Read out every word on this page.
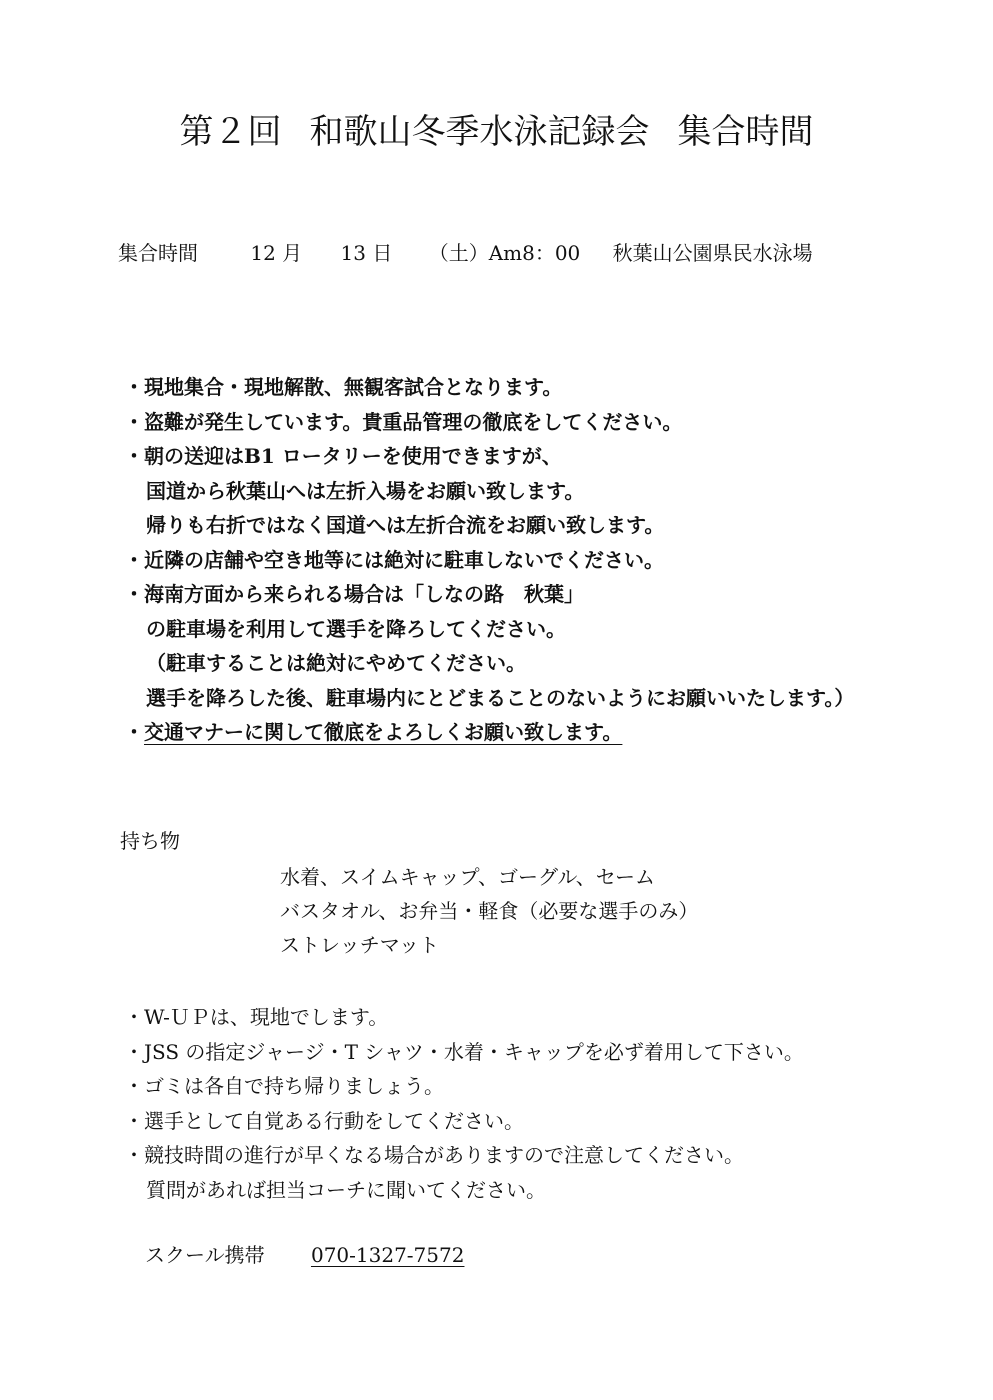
第２回 和歌山冬季水泳記録会 集合時間
集合時間	12 月 13 日 （土）Am8：00 秋葉山公園県民水泳場
・現地集合・現地解散、無観客試合となります。
・盗難が発生しています。貴重品管理の徹底をしてください。
・朝の送迎はB1 ロータリーを使用できますが、
国道から秋葉山へは左折入場をお願い致します。
帰りも右折ではなく国道へは左折合流をお願い致します。
・近隣の店舗や空き地等には絶対に駐車しないでください。
・海南方面から来られる場合は「しなの路　秋葉」
の駐車場を利用して選手を降ろしてください。
（駐車することは絶対にやめてください。
選手を降ろした後、駐車場内にとどまることのないようにお願いいたします。）
・交通マナーに関して徹底をよろしくお願い致します。
持ち物
水着、スイムキャップ、ゴーグル、セーム
バスタオル、お弁当・軽食（必要な選手のみ）
ストレッチマット
・W-ＵＰは、現地でします。
・JSS の指定ジャージ・T シャツ・水着・キャップを必ず着用して下さい。
・ゴミは各自で持ち帰りましょう。
・選手として自覚ある行動をしてください。
・競技時間の進行が早くなる場合がありますので注意してください。
質問があれば担当コーチに聞いてください。
スクール携帯 070-1327-7572
